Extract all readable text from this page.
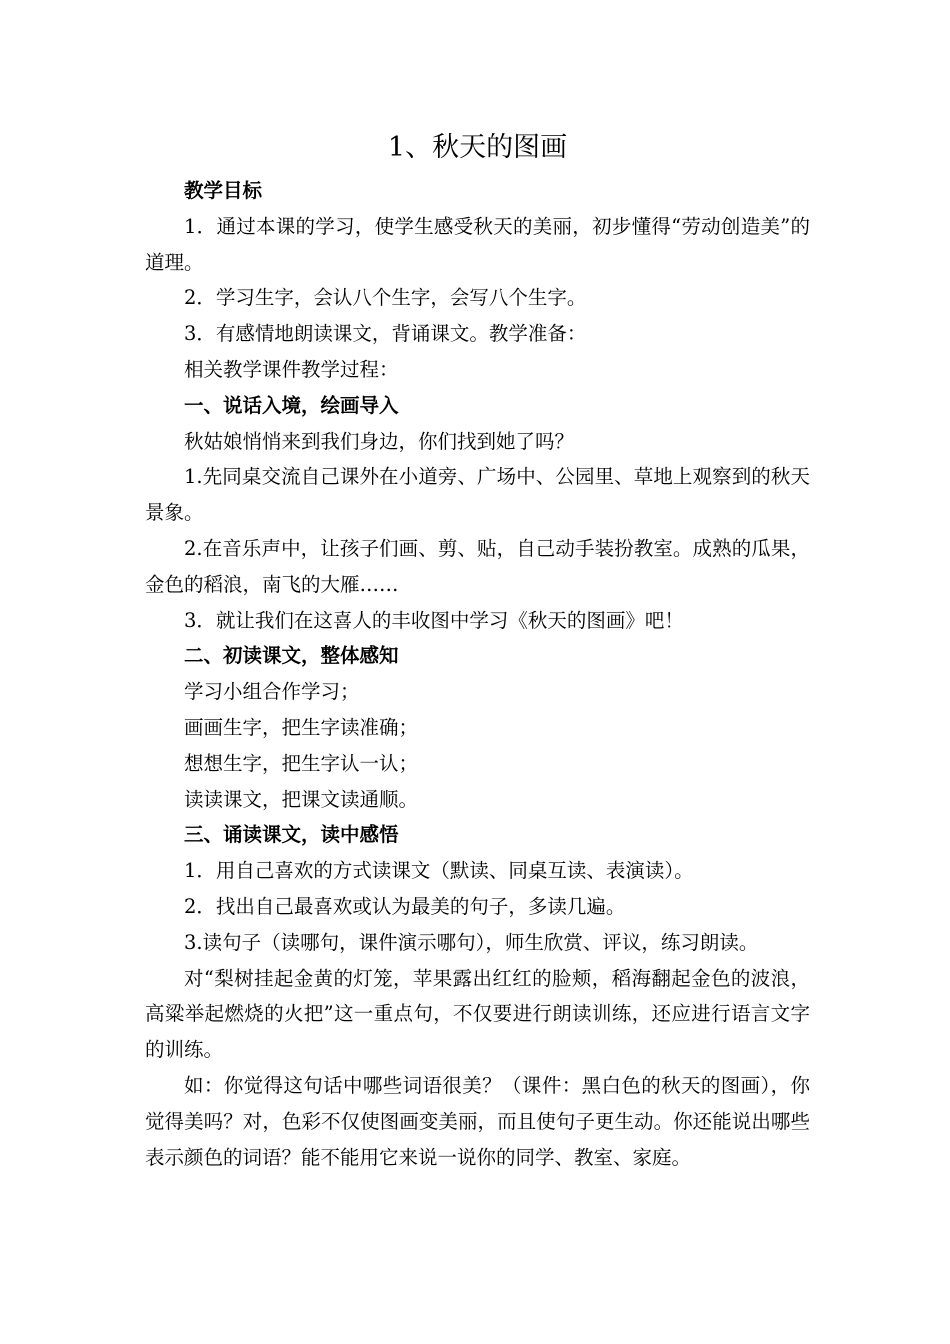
1、秋天的图画

教学目标

1．通过本课的学习，使学生感受秋天的美丽，初步懂得“劳动创造美”的道理。

2．学习生字，会认八个生字，会写八个生字。

3．有感情地朗读课文，背诵课文。教学准备：

相关教学课件教学过程：

一、说话入境，绘画导入

秋姑娘悄悄来到我们身边，你们找到她了吗？

1.先同桌交流自己课外在小道旁、广场中、公园里、草地上观察到的秋天景象。

2.在音乐声中，让孩子们画、剪、贴，自己动手装扮教室。成熟的瓜果，金色的稻浪，南飞的大雁……

3．就让我们在这喜人的丰收图中学习《秋天的图画》吧！

二、初读课文，整体感知

学习小组合作学习；

画画生字，把生字读准确；

想想生字，把生字认一认；

读读课文，把课文读通顺。

三、诵读课文，读中感悟

1．用自己喜欢的方式读课文（默读、同桌互读、表演读）。

2．找出自己最喜欢或认为最美的句子，多读几遍。

3.读句子（读哪句，课件演示哪句），师生欣赏、评议，练习朗读。

对“梨树挂起金黄的灯笼，苹果露出红红的脸颊，稻海翻起金色的波浪，高粱举起燃烧的火把”这一重点句，不仅要进行朗读训练，还应进行语言文字的训练。

如：你觉得这句话中哪些词语很美？（课件：黑白色的秋天的图画），你觉得美吗？对，色彩不仅使图画变美丽，而且使句子更生动。你还能说出哪些表示颜色的词语？能不能用它来说一说你的同学、教室、家庭。
